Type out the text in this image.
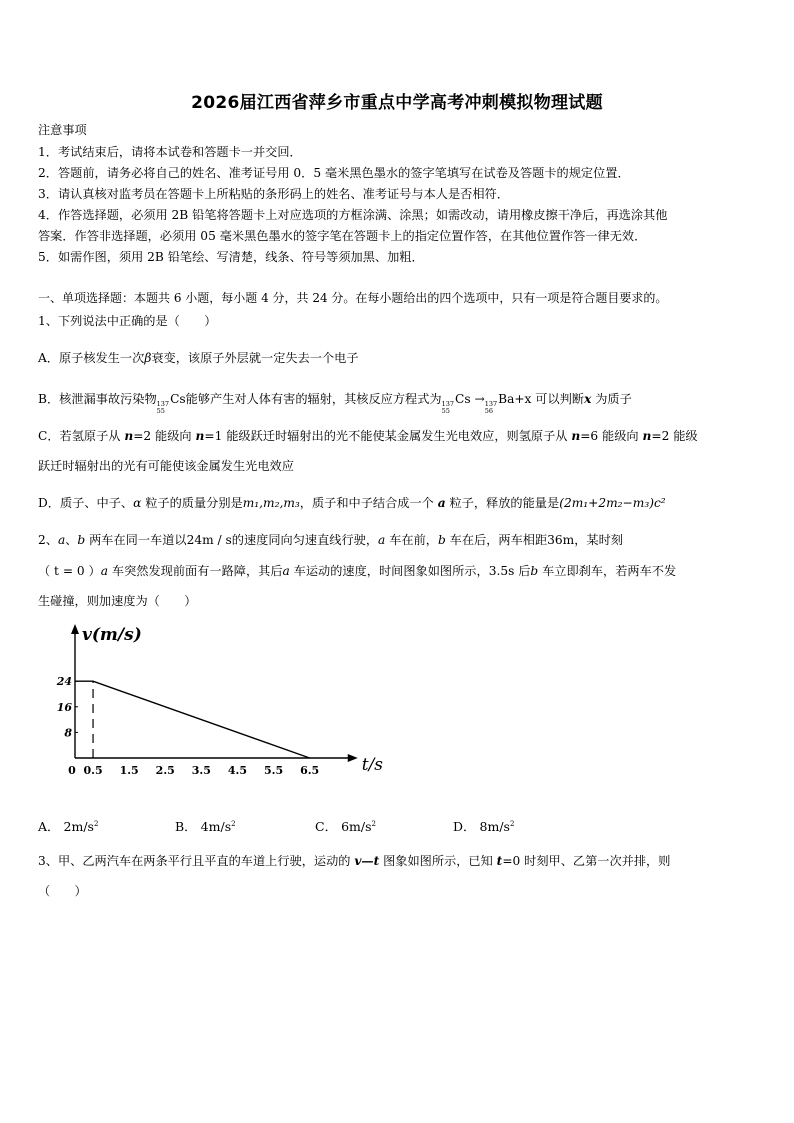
2026届江西省萍乡市重点中学高考冲刺模拟物理试题
注意事项
1．考试结束后，请将本试卷和答题卡一并交回．
2．答题前，请务必将自己的姓名、准考证号用 0．5 毫米黑色墨水的签字笔填写在试卷及答题卡的规定位置．
3．请认真核对监考员在答题卡上所粘贴的条形码上的姓名、准考证号与本人是否相符．
4．作答选择题，必须用 2B 铅笔将答题卡上对应选项的方框涂满、涂黑；如需改动，请用橡皮擦干净后，再选涂其他
答案．作答非选择题，必须用 05 毫米黑色墨水的签字笔在答题卡上的指定位置作答，在其他位置作答一律无效．
5．如需作图，须用 2B 铅笔绘、写清楚，线条、符号等须加黑、加粗．
一、单项选择题：本题共 6 小题，每小题 4 分，共 24 分。在每小题给出的四个选项中，只有一项是符合题目要求的。
1、下列说法中正确的是（　　）
A．原子核发生一次β衰变，该原子外层就一定失去一个电子
B．核泄漏事故污染物 137
55
Cs能够产生对人体有害的辐射，其核反应方程式为 137
55
Cs → 137
56
Ba+x 可以判断x 为质子
C．若氢原子从 n=2 能级向 n=1 能级跃迁时辐射出的光不能使某金属发生光电效应，则氢原子从 n=6 能级向 n=2 能级
跃迁时辐射出的光有可能使该金属发生光电效应
D．质子、中子、α 粒子的质量分别是m₁,m₂,m₃，质子和中子结合成一个 a 粒子，释放的能量是(2m₁+2m₂−m₃)c²
2、a、b 两车在同一车道以24m / s的速度同向匀速直线行驶，a 车在前，b 车在后，两车相距36m，某时刻
（ t = 0 ）a 车突然发现前面有一路障，其后a 车运动的速度，时间图象如图所示，3.5s 后b 车立即刹车，若两车不发
生碰撞，则加速度为（　　）
v(m/s)
t/s
8
16
24
0 0.5 1.5 2.5 3.5 4.5 5.5 6.5
A． $2m/s^2$	B． $4m/s^2$	C． $6m/s^2$	D． $8m/s^2$
3、甲、乙两汽车在两条平行且平直的车道上行驶，运动的 v—t 图象如图所示，已知 t=0 时刻甲、乙第一次并排，则
（　　）
